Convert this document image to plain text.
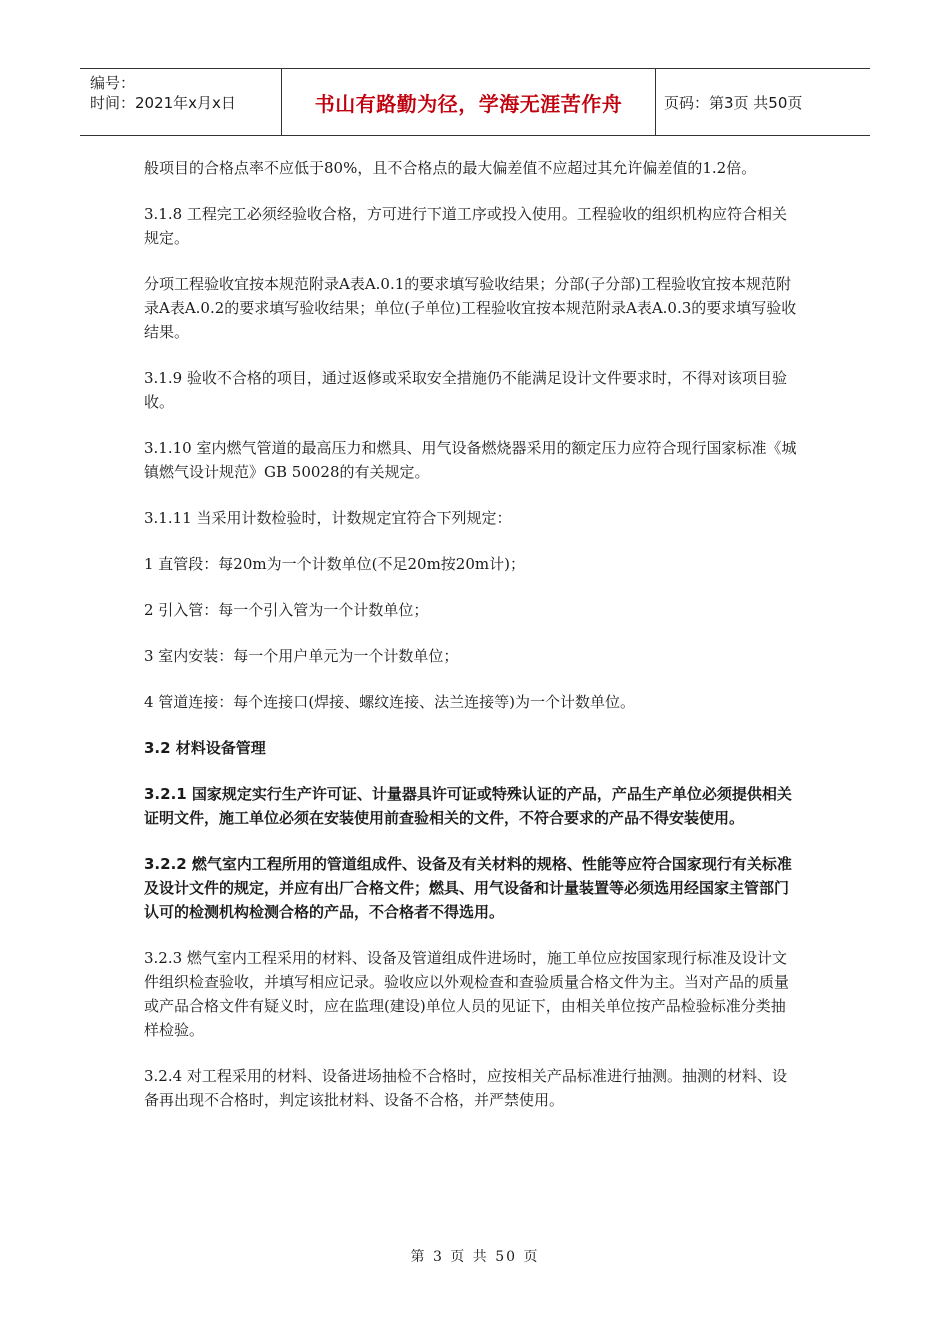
编号：
时间：2021年x月x日	书山有路勤为径，学海无涯苦作舟	页码：第3页 共50页

般项目的合格点率不应低于80%，且不合格点的最大偏差值不应超过其允许偏差值的1.2倍。

3.1.8 工程完工必须经验收合格，方可进行下道工序或投入使用。工程验收的组织机构应符合相关规定。

分项工程验收宜按本规范附录A表A.0.1的要求填写验收结果；分部(子分部)工程验收宜按本规范附录A表A.0.2的要求填写验收结果；单位(子单位)工程验收宜按本规范附录A表A.0.3的要求填写验收结果。

3.1.9 验收不合格的项目，通过返修或采取安全措施仍不能满足设计文件要求时，不得对该项目验收。

3.1.10 室内燃气管道的最高压力和燃具、用气设备燃烧器采用的额定压力应符合现行国家标准《城镇燃气设计规范》GB 50028的有关规定。

3.1.11 当采用计数检验时，计数规定宜符合下列规定：

1 直管段：每20m为一个计数单位(不足20m按20m计)；

2 引入管：每一个引入管为一个计数单位；

3 室内安装：每一个用户单元为一个计数单位；

4 管道连接：每个连接口(焊接、螺纹连接、法兰连接等)为一个计数单位。

3.2 材料设备管理

3.2.1 国家规定实行生产许可证、计量器具许可证或特殊认证的产品，产品生产单位必须提供相关证明文件，施工单位必须在安装使用前查验相关的文件，不符合要求的产品不得安装使用。

3.2.2 燃气室内工程所用的管道组成件、设备及有关材料的规格、性能等应符合国家现行有关标准及设计文件的规定，并应有出厂合格文件；燃具、用气设备和计量装置等必须选用经国家主管部门认可的检测机构检测合格的产品，不合格者不得选用。

3.2.3 燃气室内工程采用的材料、设备及管道组成件进场时，施工单位应按国家现行标准及设计文件组织检查验收，并填写相应记录。验收应以外观检查和查验质量合格文件为主。当对产品的质量或产品合格文件有疑义时，应在监理(建设)单位人员的见证下，由相关单位按产品检验标准分类抽样检验。

3.2.4 对工程采用的材料、设备进场抽检不合格时，应按相关产品标准进行抽测。抽测的材料、设备再出现不合格时，判定该批材料、设备不合格，并严禁使用。

第 3 页 共 50 页
